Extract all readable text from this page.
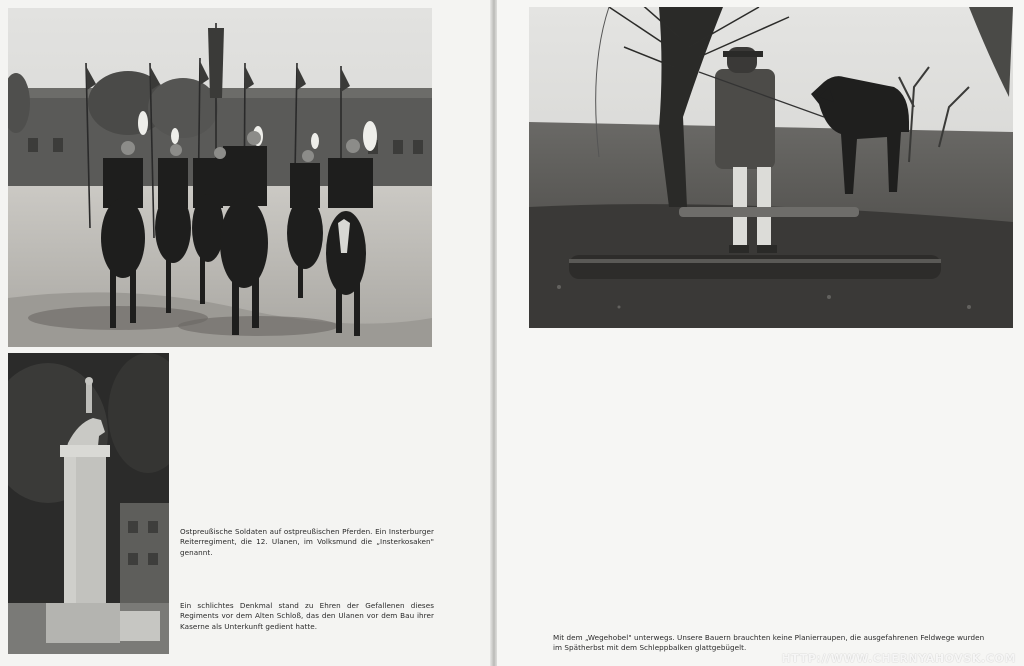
Ostpreußische Soldaten auf ostpreußischen Pferden. Ein Insterburger Reiterregiment, die 12. Ulanen, im Volksmund die „Insterkosaken" genannt.
Ein schlichtes Denkmal stand zu Ehren der Gefallenen dieses Regiments vor dem Alten Schloß, das den Ulanen vor dem Bau ihrer Kaserne als Unterkunft gedient hatte.
Mit dem „Wegehobel" unterwegs. Unsere Bauern brauchten keine Planierraupen, die ausgefahrenen Feldwege wurden im Spätherbst mit dem Schleppbalken glattgebügelt.
HTTP://WWW.CHERNYAHOVSK.COM
